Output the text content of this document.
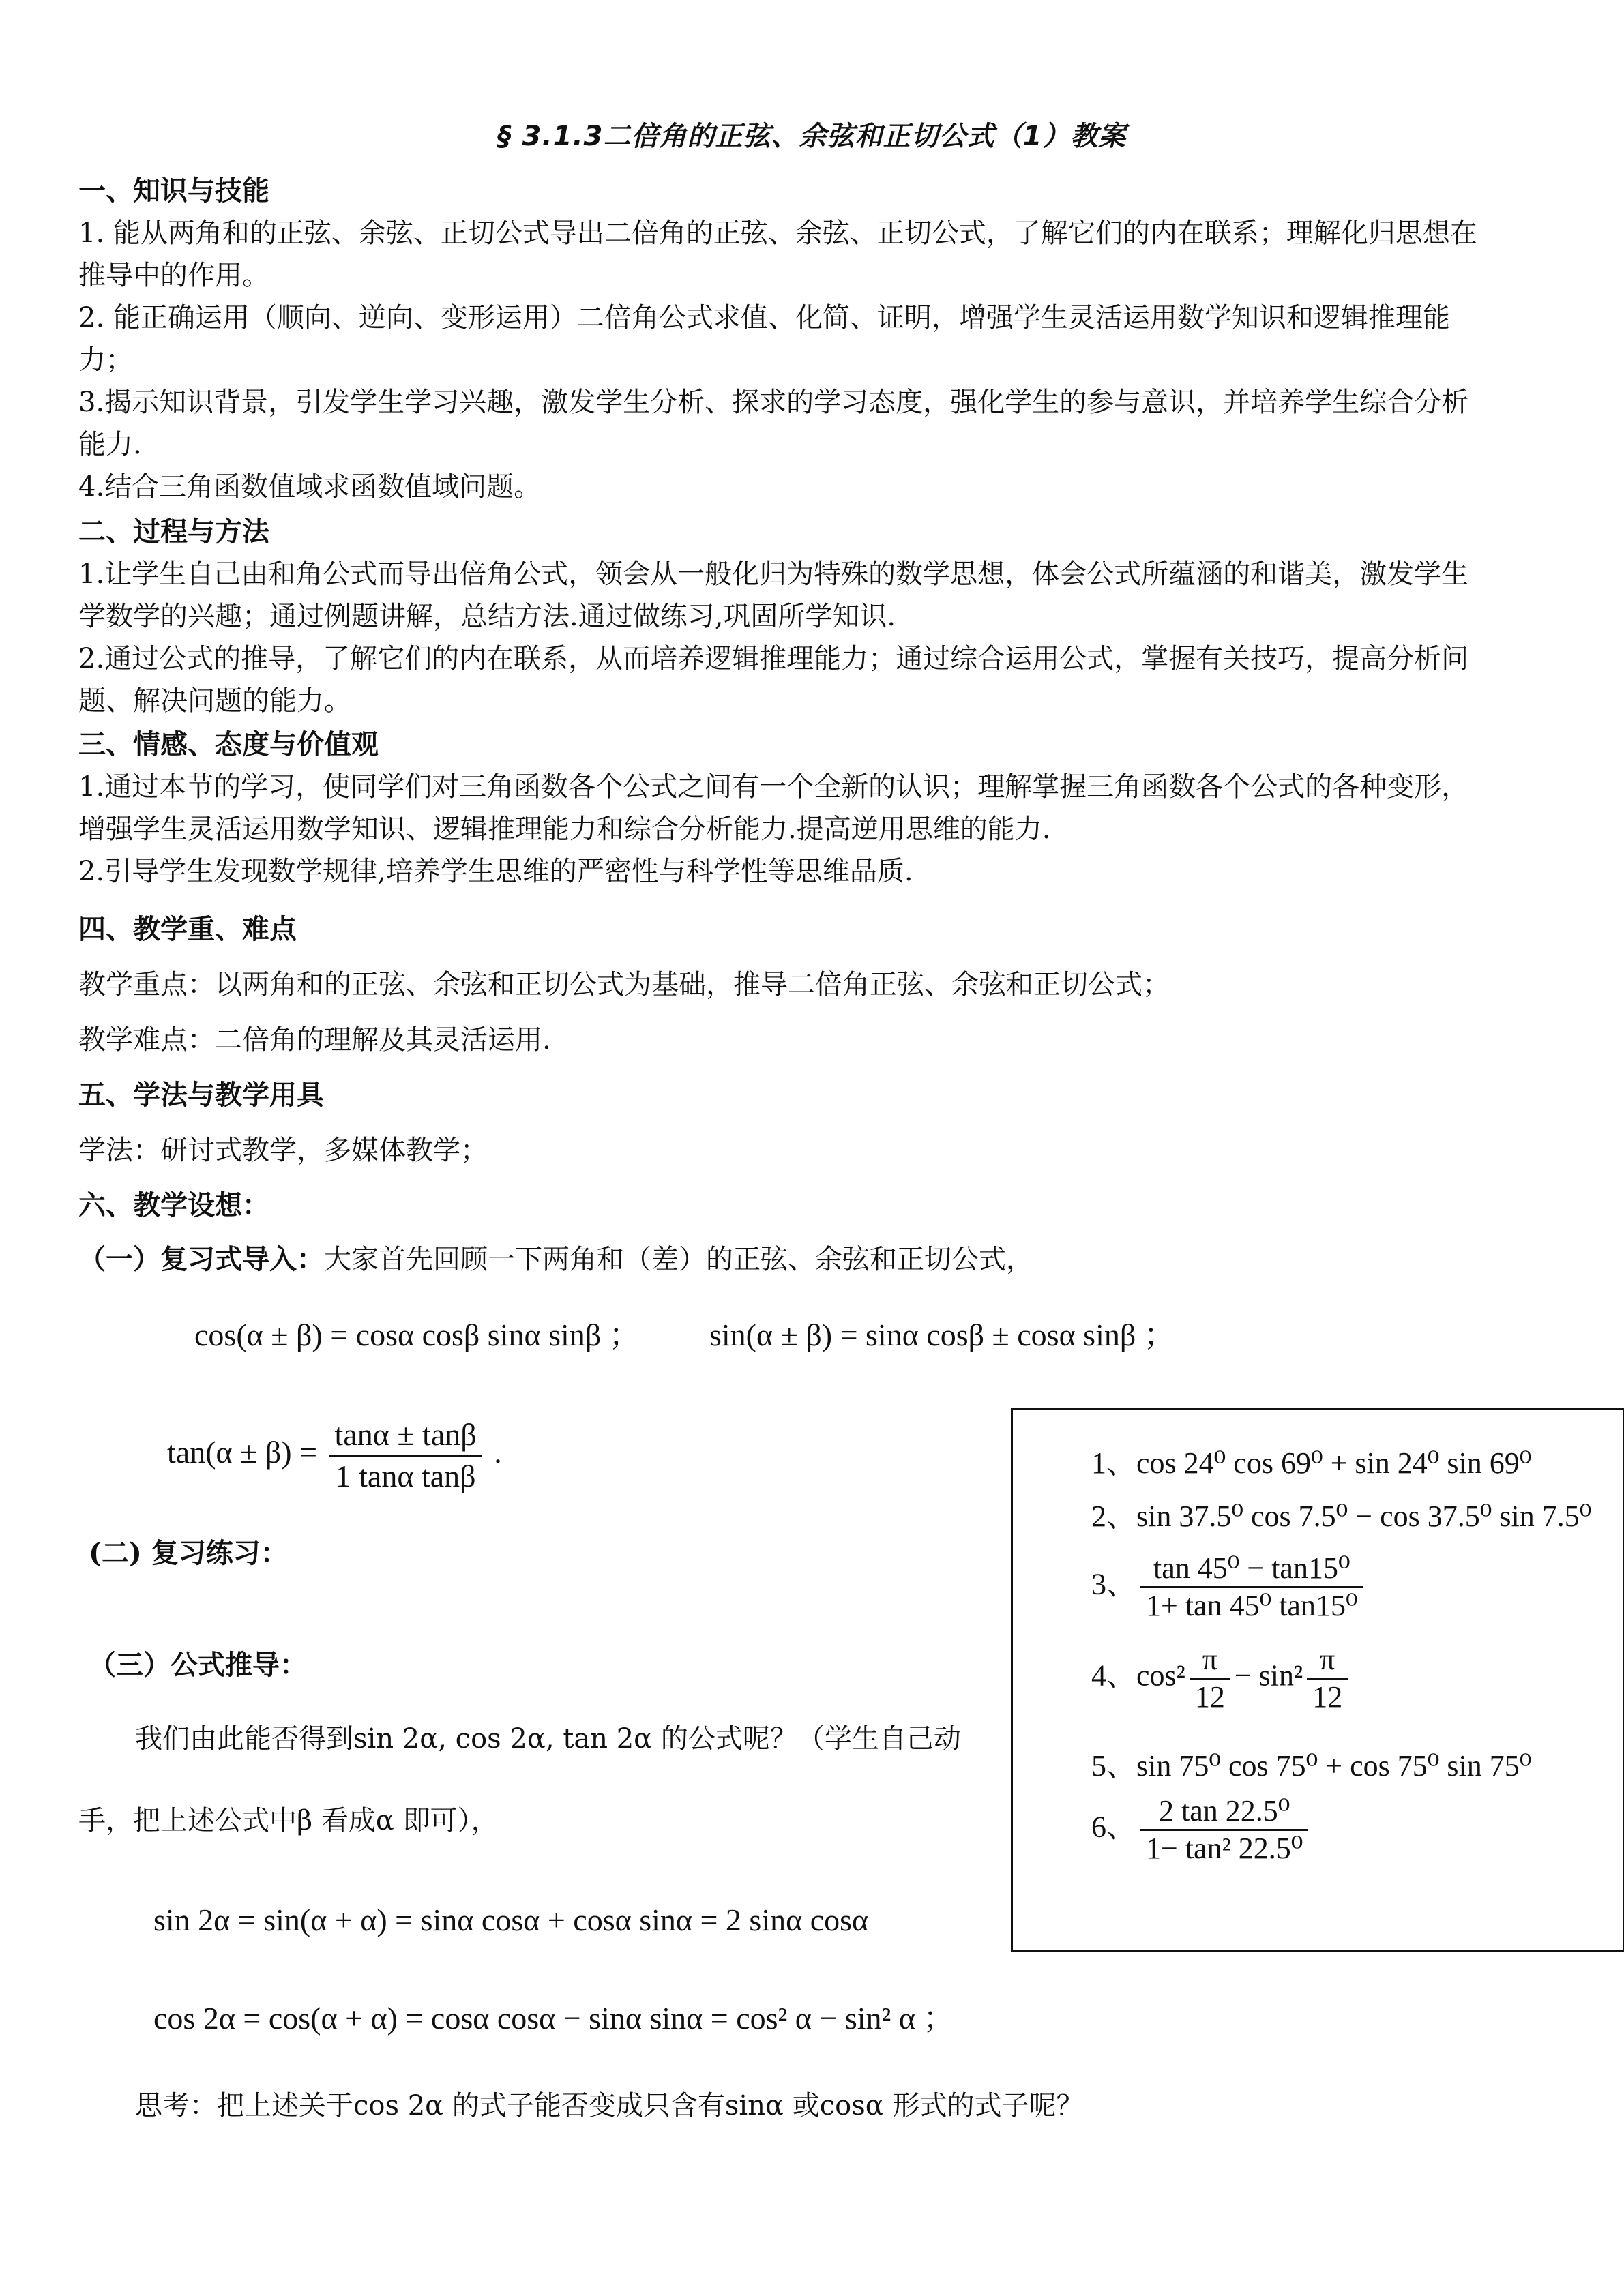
§ 3.1.3二倍角的正弦、余弦和正切公式（1）教案
一、知识与技能
1. 能从两角和的正弦、余弦、正切公式导出二倍角的正弦、余弦、正切公式，了解它们的内在联系；理解化归思想在
推导中的作用。
2. 能正确运用（顺向、逆向、变形运用）二倍角公式求值、化简、证明，增强学生灵活运用数学知识和逻辑推理能
力；
3.揭示知识背景，引发学生学习兴趣，激发学生分析、探求的学习态度，强化学生的参与意识，并培养学生综合分析
能力.
4.结合三角函数值域求函数值域问题。
二、过程与方法
1.让学生自己由和角公式而导出倍角公式，领会从一般化归为特殊的数学思想，体会公式所蕴涵的和谐美，激发学生
学数学的兴趣；通过例题讲解，总结方法.通过做练习,巩固所学知识.
2.通过公式的推导，了解它们的内在联系，从而培养逻辑推理能力；通过综合运用公式，掌握有关技巧，提高分析问
题、解决问题的能力。
三、情感、态度与价值观
1.通过本节的学习，使同学们对三角函数各个公式之间有一个全新的认识；理解掌握三角函数各个公式的各种变形，
增强学生灵活运用数学知识、逻辑推理能力和综合分析能力.提高逆用思维的能力.
2.引导学生发现数学规律,培养学生思维的严密性与科学性等思维品质.
四、教学重、难点
教学重点：以两角和的正弦、余弦和正切公式为基础，推导二倍角正弦、余弦和正切公式；
教学难点：二倍角的理解及其灵活运用.
五、学法与教学用具
学法：研讨式教学，多媒体教学；
六、教学设想：
（一）复习式导入：大家首先回顾一下两角和（差）的正弦、余弦和正切公式，
cos(α ± β) = cosα cosβ sinα sinβ ； sin(α ± β) = sinα cosβ ± cosα sinβ ；
$\tan(\alpha \pm \beta) = \frac{\tan\alpha \pm \tan\beta}{\text{1 tanα tanβ}}$ .
(二) 复习练习：
（三）公式推导：
我们由此能否得到sin 2α, cos 2α, tan 2α 的公式呢？（学生自己动
手，把上述公式中β 看成α 即可），
sin 2α = sin(α + α) = sinα cosα + cosα sinα = 2 sinα cosα
cos 2α = cos(α + α) = cosα cosα − sinα sinα = cos² α − sin² α ；
思考：把上述关于cos 2α 的式子能否变成只含有sinα 或cosα 形式的式子呢？
1、cos 24⁰ cos 69⁰ + sin 24⁰ sin 69⁰
2、sin 37.5⁰ cos 7.5⁰ − cos 37.5⁰ sin 7.5⁰
3、 $\frac{\text{tan 45⁰ − tan15⁰}}{\text{1+ tan 45⁰ tan15⁰}}$
4、$\cos^2 \frac{\pi}{12} - \sin^2 \frac{\pi}{12}$
5、sin 75⁰ cos 75⁰ + cos 75⁰ sin 75⁰
6、 $\frac{\text{2 tan 22.5⁰}}{\text{1− tan² 22.5⁰}}$
